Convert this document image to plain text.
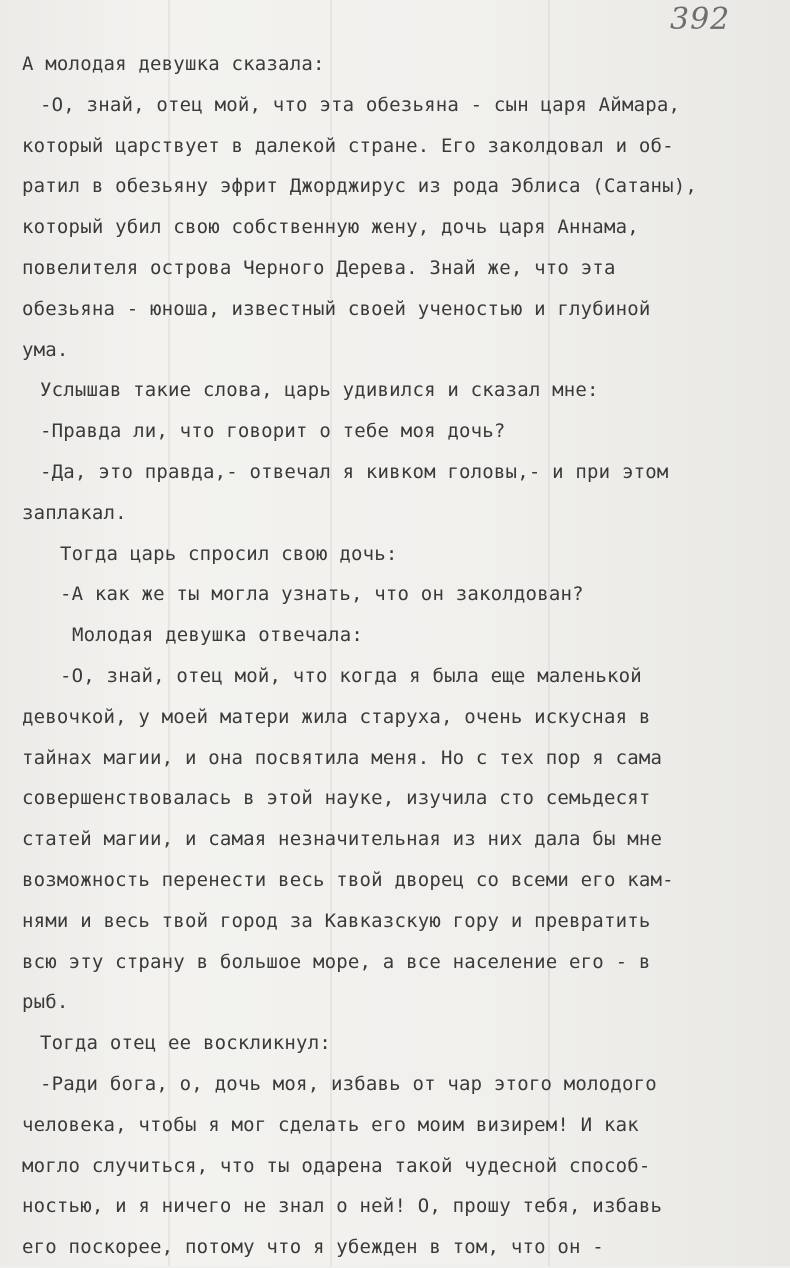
392
А молодая девушка сказала:
-О, знай, отец мой, что эта обезьяна - сын царя Аймара,
который царствует в далекой стране. Его заколдовал и об-
ратил в обезьяну эфрит Джорджирус из рода Эблиса (Сатаны),
который убил свою собственную жену, дочь царя Аннама,
повелителя острова Черного Дерева. Знай же, что эта
обезьяна - юноша, известный своей ученостью и глубиной
ума.
Услышав такие слова, царь удивился и сказал мне:
-Правда ли, что говорит о тебе моя дочь?
-Да, это правда,- отвечал я кивком головы,- и при этом
заплакал.
Тогда царь спросил свою дочь:
-А как же ты могла узнать, что он заколдован?
Молодая девушка отвечала:
-О, знай, отец мой, что когда я была еще маленькой
девочкой, у моей матери жила старуха, очень искусная в
тайнах магии, и она посвятила меня. Но с тех пор я сама
совершенствовалась в этой науке, изучила сто семьдесят
статей магии, и самая незначительная из них дала бы мне
возможность перенести весь твой дворец со всеми его кам-
нями и весь твой город за Кавказскую гору и превратить
всю эту страну в большое море, а все население его - в
рыб.
Тогда отец ее воскликнул:
-Ради бога, о, дочь моя, избавь от чар этого молодого
человека, чтобы я мог сделать его моим визирем! И как
могло случиться, что ты одарена такой чудесной способ-
ностью, и я ничего не знал о ней! О, прошу тебя, избавь
его поскорее, потому что я убежден в том, что он -
